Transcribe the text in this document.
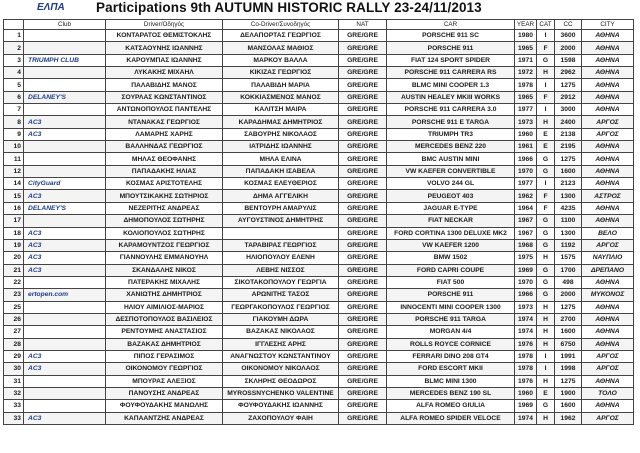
ΕΛΠΑ Participations 9th AUTUMN HISTORIC RALLY 23-24/11/2013
	Club	Driver/Οδηγός	Co-Driver/Συνοδηγός	NAT	CAR	YEAR	CAT	CC	CITY
1		ΚΟΝΤΑΡΑΤΟΣ ΘΕΜΙΣΤΟΚΛΗΣ	ΔΕΛΑΠΟΡΤΑΣ ΓΕΩΡΓΙΟΣ	GRE/GRE	PORSCHE 911 SC	1980	I	3600	ΑΘΗΝΑ
2		ΚΑΤΣΑΟΥΝΗΣ ΙΩΑΝΝΗΣ	ΜΑΝΣΟΛΑΣ ΜΑΘΙΟΣ	GRE/GRE	PORSCHE 911	1965	F	2000	ΑΘΗΝΑ
3	TRIUMPH CLUB	ΚΑΡΟΥΜΠΑΣ ΙΩΑΝΝΗΣ	ΜΑΡΚΟΥ ΒΑΛΛΑ	GRE/GRE	FIAT 124 SPORT SPIDER	1971	G	1598	ΑΘΗΝΑ
4		ΛΥΚΑΚΗΣ ΜΙΧΑΗΛ	ΚΙΚΙΖΑΣ ΓΕΩΡΓΙΟΣ	GRE/GRE	PORSCHE 911 CARRERA RS	1972	H	2962	ΑΘΗΝΑ
5		ΠΑΛΑΒΙΔΗΣ ΜΑΝΟΣ	ΠΑΛΑΒΙΔΗ ΜΑΡΙΑ	GRE/GRE	BLMC MINI COOPER 1.3	1978	I	1275	ΑΘΗΝΑ
6	DELANEY'S	ΣΟΥΡΛΑΣ ΚΩΝΣΤΑΝΤΙΝΟΣ	ΚΟΚΚΙΑΣΜΕΝΟΣ ΜΑΝΟΣ	GRE/GRE	AUSTIN HEALEY MKIII WORKS	1965	F	2912	ΑΘΗΝΑ
7		ΑΝΤΩΝΟΠΟΥΛΟΣ ΠΑΝΤΕΛΗΣ	ΚΑΛΙΤΣΗ ΜΑΙΡΑ	GRE/GRE	PORSCHE 911 CARRERA 3.0	1977	I	3000	ΑΘΗΝΑ
8	AC3	ΝΤΑΝΑΚΑΣ ΓΕΩΡΓΙΟΣ	ΚΑΡΑΔΗΜΑΣ ΔΗΜΗΤΡΙΟΣ	GRE/GRE	PORSCHE 911 E TARGA	1973	H	2400	ΑΡΓΟΣ
9	AC3	ΛΑΜΑΡΗΣ ΧΑΡΗΣ	ΣΑΒΟΥΡΗΣ ΝΙΚΟΛΑΟΣ	GRE/GRE	TRIUMPH TR3	1960	E	2138	ΑΡΓΟΣ
10		ΒΑΛΛΗΝΔΑΣ ΓΕΩΡΓΙΟΣ	ΙΑΤΡΙΔΗΣ ΙΩΑΝΝΗΣ	GRE/GRE	MERCEDES BENZ 220	1961	E	2195	ΑΘΗΝΑ
11		ΜΗΛΑΣ ΘΕΟΦΑΝΗΣ	ΜΗΛΑ ΕΛΙΝΑ	GRE/GRE	BMC AUSTIN MINI	1966	G	1275	ΑΘΗΝΑ
12		ΠΑΠΑΔΑΚΗΣ ΗΛΙΑΣ	ΠΑΠΑΔΑΚΗ ΙΣΑΒΕΛΑ	GRE/GRE	VW KAEFER CONVERTIBLE	1970	G	1600	ΑΘΗΝΑ
14	CityGuard	ΚΟΣΜΑΣ ΑΡΙΣΤΟΤΕΛΗΣ	ΚΟΣΜΑΣ ΕΛΕΥΘΕΡΙΟΣ	GRE/GRE	VOLVO 244 GL	1977	I	2123	ΑΘΗΝΑ
15	AC3	ΜΠΟΥΤΣΙΚΑΚΗΣ ΣΩΤΗΡΙΟΣ	ΔΗΜΑ ΑΓΓΕΛΙΚΗ	GRE/GRE	PEUGEOT 403	1962	F	1300	ΑΣΤΡΟΣ
16	DELANEY'S	ΝΕΖΕΡΙΤΗΣ ΑΝΔΡΕΑΣ	ΒΕΝΤΟΥΡΗ ΑΜΑΡΥΛΙΣ	GRE/GRE	JAGUAR E-TYPE	1964	F	4235	ΑΘΗΝΑ
17		ΔΗΜΟΠΟΥΛΟΣ ΣΩΤΗΡΗΣ	ΑΥΓΟΥΣΤΙΝΟΣ ΔΗΜΗΤΡΗΣ	GRE/GRE	FIAT NECKAR	1967	G	1100	ΑΘΗΝΑ
18	AC3	ΚΟΛΙΟΠΟΥΛΟΣ ΣΩΤΗΡΗΣ		GRE/GRE	FORD CORTINA 1300 DELUXE MK2	1967	G	1300	ΒΕΛΟ
19	AC3	ΚΑΡΑΜΟΥΝΤΖΟΣ ΓΕΩΡΓΙΟΣ	ΤΑΡΑΒΙΡΑΣ ΓΕΩΡΓΙΟΣ	GRE/GRE	VW KAEFER 1200	1968	G	1192	ΑΡΓΟΣ
20	AC3	ΓΙΑΝΝΟΥΛΗΣ ΕΜΜΑΝΟΥΗΛ	ΗΛΙΟΠΟΥΛΟΥ ΕΛΕΝΗ	GRE/GRE	BMW 1502	1975	H	1575	ΝΑΥΠΛΙΟ
21	AC3	ΣΚΑΝΔΑΛΗΣ ΝΙΚΟΣ	ΛΕΒΗΣ ΝΙΣΣΟΣ	GRE/GRE	FORD CAPRI COUPE	1969	G	1700	ΔΡΕΠΑΝΟ
22		ΠΑΤΕΡΑΚΗΣ ΜΙΧΑΛΗΣ	ΣΙΚΟΤΑΚΟΠΟΥΛΟΥ ΓΕΩΡΓΙΑ	GRE/GRE	FIAT 500	1970	G	498	ΑΘΗΝΑ
23	ertopen.com	ΧΑΝΙΩΤΗΣ ΔΗΜΗΤΡΙΟΣ	ΑΡΩΝΙΤΗΣ ΤΑΣΟΣ	GRE/GRE	PORSCHE 911	1966	G	2000	ΜΥΚΟΝΟΣ
25		ΗΛΙΟΥ ΑΙΜΙΛΙΟΣ-ΜΑΡΙΟΣ	ΓΕΩΡΓΑΚΟΠΟΥΛΟΣ ΓΕΩΡΓΙΟΣ	GRE/GRE	INNOCENTI MINI COOPER 1300	1973	H	1275	ΑΘΗΝΑ
26		ΔΕΣΠΟΤΟΠΟΥΛΟΣ ΒΑΣΙΛΕΙΟΣ	ΓΙΑΚΟΥΜΗ ΔΩΡΑ	GRE/GRE	PORSCHE 911 TARGA	1974	H	2700	ΑΘΗΝΑ
27		ΡΕΝΤΟΥΜΗΣ ΑΝΑΣΤΑΣΙΟΣ	ΒΑΖΑΚΑΣ ΝΙΚΟΛΑΟΣ	GRE/GRE	MORGAN 4/4	1974	H	1600	ΑΘΗΝΑ
28		ΒΑΖΑΚΑΣ ΔΗΜΗΤΡΙΟΣ	ΙΓΓΛΕΣΗΣ ΑΡΗΣ	GRE/GRE	ROLLS ROYCE CORNICE	1976	H	6750	ΑΘΗΝΑ
29	AC3	ΠΙΠΟΣ ΓΕΡΑΣΙΜΟΣ	ΑΝΑΓΝΩΣΤΟΥ ΚΩΝΣΤΑΝΤΙΝΟΥ	GRE/GRE	FERRARI DINO 208 GT4	1978	I	1991	ΑΡΓΟΣ
30	AC3	ΟΙΚΟΝΟΜΟΥ ΓΕΩΡΓΙΟΣ	ΟΙΚΟΝΟΜΟΥ ΝΙΚΟΛΑΟΣ	GRE/GRE	FORD ESCORT MKII	1978	I	1998	ΑΡΓΟΣ
31		ΜΠΟΥΡΑΣ ΑΛΕΞΙΟΣ	ΣΚΛΗΡΗΣ ΘΕΟΔΩΡΟΣ	GRE/GRE	BLMC MINI 1300	1976	H	1275	ΑΘΗΝΑ
32		ΠΑΝΟΥΣΗΣ ΑΝΔΡΕΑΣ	MYROSSNYCHENKO VALENTINE	GRE/GRE	MERCEDES BENZ 190 SL	1960	E	1900	ΤΟΛΟ
33		ΦΟΥΦΟΥΔΑΚΗΣ ΜΑΝΩΛΗΣ	ΦΟΥΦΟΥΔΑΚΗΣ ΙΩΑΝΝΗΣ	GRE/GRE	ALFA ROMEO GIULIA	1969	G	1600	ΑΘΗΝΑ
33	AC3	ΚΑΠΑΑΝΤΖΗΣ ΑΝΔΡΕΑΣ	ΖΑΧΟΠΟΥΛΟΥ ΦΑΙΗ	GRE/GRE	ALFA ROMEO SPIDER VELOCE	1974	H	1962	ΑΡΓΟΣ
